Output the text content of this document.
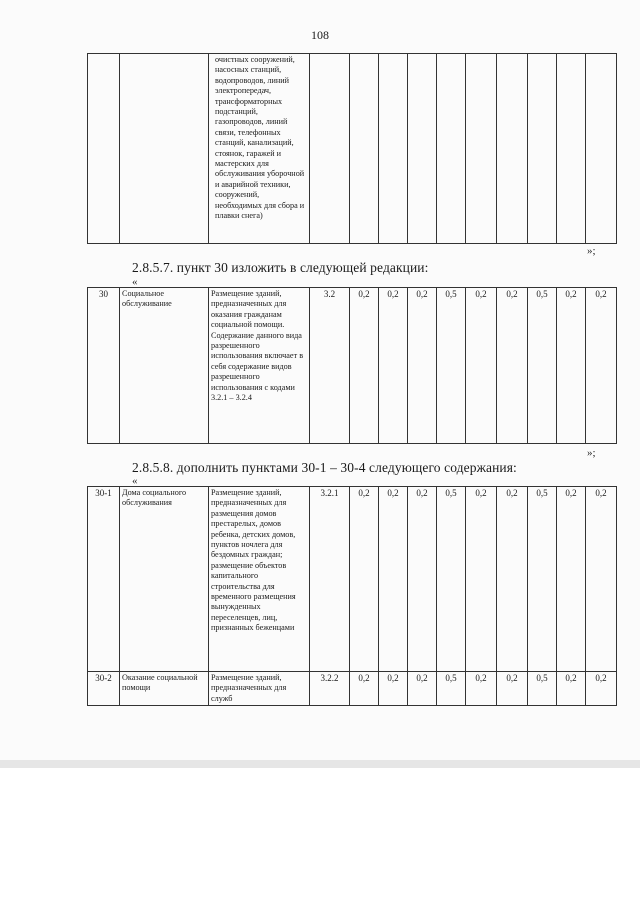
108
		очистных сооружений, насосных станций, водопроводов, линий электропередач, трансформаторных подстанций, газопроводов, линий связи, телефонных станций, канализаций, стоянок, гаражей и мастерских для обслуживания уборочной и аварийной техники, сооружений, необходимых для сбора и плавки снега)										
»;
2.8.5.7. пункт 30 изложить в следующей редакции:
«
30	Социальное обслуживание	Размещение зданий, предназначенных для оказания гражданам социальной помощи. Содержание данного вида разрешенного использования включает в себя содержание видов разрешенного использования с кодами 3.2.1 – 3.2.4	3.2	0,2	0,2	0,2	0,5	0,2	0,2	0,5	0,2	0,2
»;
2.8.5.8. дополнить пунктами 30-1 – 30-4 следующего содержания:
«
30-1	Дома социального обслуживания	Размещение зданий, предназначенных для размещения домов престарелых, домов ребенка, детских домов, пунктов ночлега для бездомных граждан; размещение объектов капитального строительства для временного размещения вынужденных переселенцев, лиц, признанных беженцами	3.2.1	0,2	0,2	0,2	0,5	0,2	0,2	0,5	0,2	0,2
30-2	Оказание социальной помощи	Размещение зданий, предназначенных для служб	3.2.2	0,2	0,2	0,2	0,5	0,2	0,2	0,5	0,2	0,2
